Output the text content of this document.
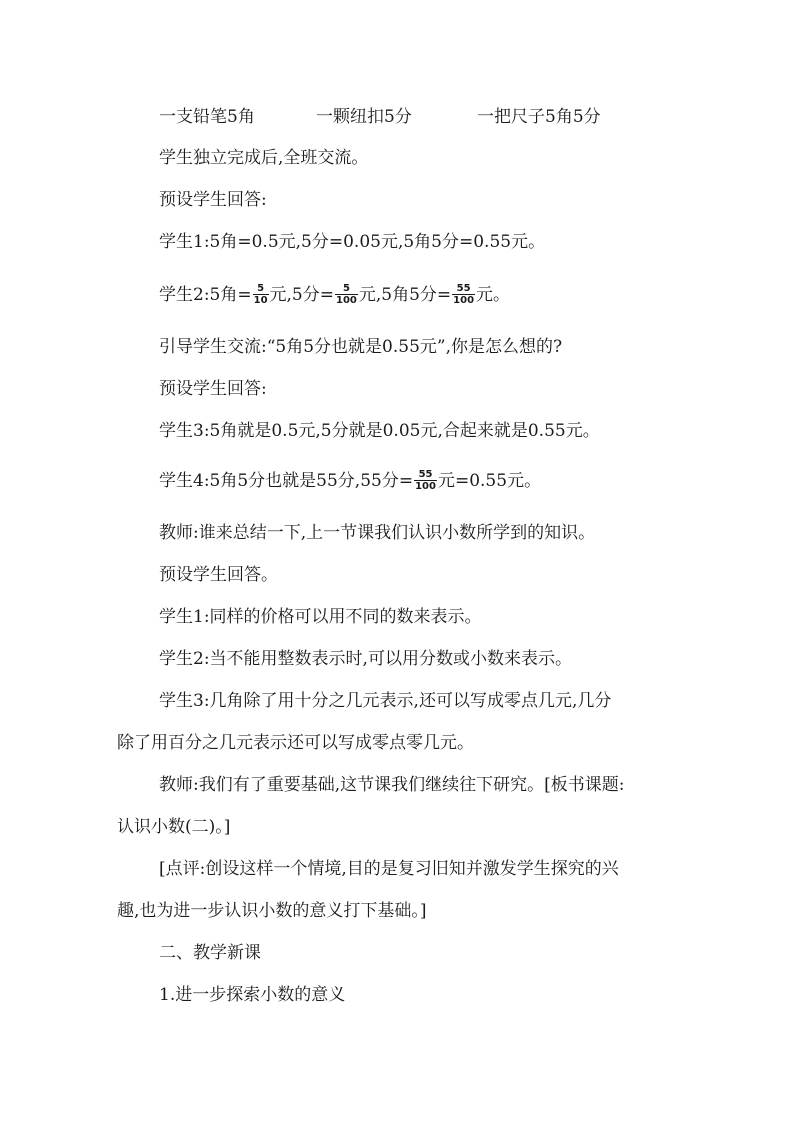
一支铅笔5角	一颗纽扣5分	一把尺子5角5分
学生独立完成后,全班交流。
预设学生回答:
学生1:5角=0.5元,5分=0.05元,5角5分=0.55元。
学生2:5角= $\frac{5}{10}$ 元,5分= $\frac{5}{100}$ 元,5角5分= $\frac{55}{100}$ 元。
引导学生交流:“5角5分也就是0.55元”,你是怎么想的?
预设学生回答:
学生3:5角就是0.5元,5分就是0.05元,合起来就是0.55元。
学生4:5角5分也就是55分,55分= $\frac{55}{100}$ 元=0.55元。
教师:谁来总结一下,上一节课我们认识小数所学到的知识。
预设学生回答。
学生1:同样的价格可以用不同的数来表示。
学生2:当不能用整数表示时,可以用分数或小数来表示。
学生3:几角除了用十分之几元表示,还可以写成零点几元,几分
除了用百分之几元表示还可以写成零点零几元。
教师:我们有了重要基础,这节课我们继续往下研究。[板书课题:
认识小数(二)。]
[点评:创设这样一个情境,目的是复习旧知并激发学生探究的兴
趣,也为进一步认识小数的意义打下基础。]
二、教学新课
1.进一步探索小数的意义
